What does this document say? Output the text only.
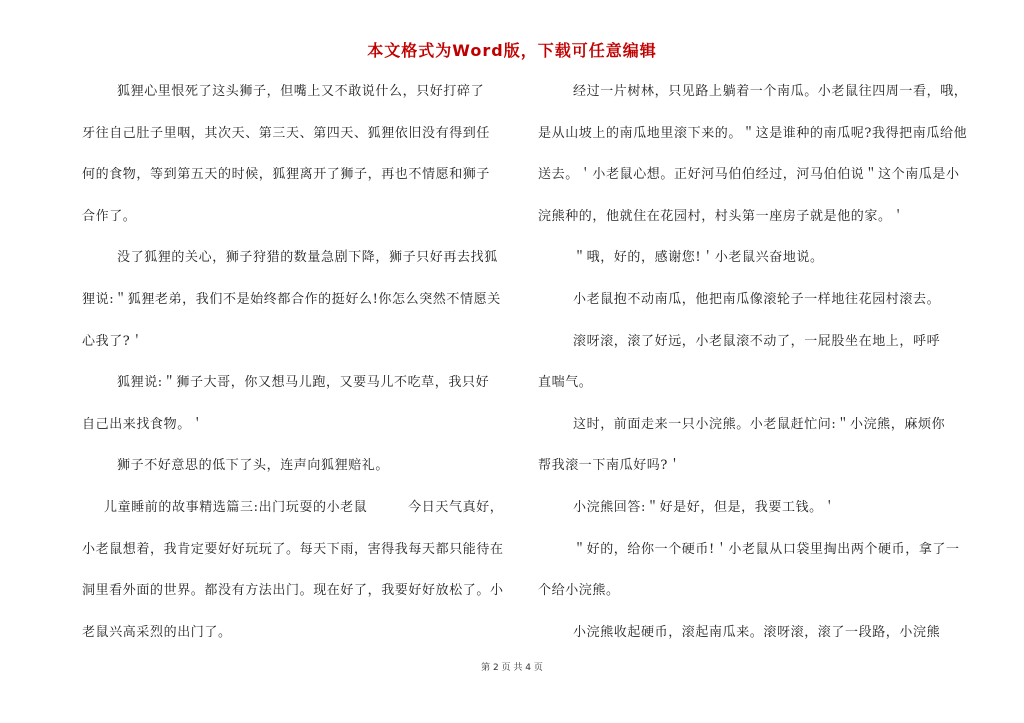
本文格式为Word版，下载可任意编辑
狐狸心里恨死了这头狮子，但嘴上又不敢说什么，只好打碎了
牙往自己肚子里咽，其次天、第三天、第四天、狐狸依旧没有得到任
何的食物，等到第五天的时候，狐狸离开了狮子，再也不情愿和狮子
合作了。
没了狐狸的关心，狮子狩猎的数量急剧下降，狮子只好再去找狐
狸说:＂狐狸老弟，我们不是始终都合作的挺好么!你怎么突然不情愿关
心我了?＇
狐狸说:＂狮子大哥，你又想马儿跑，又要马儿不吃草，我只好
自己出来找食物。＇
狮子不好意思的低下了头，连声向狐狸赔礼。
儿童睡前的故事精选篇三:出门玩耍的小老鼠　　　今日天气真好，
小老鼠想着，我肯定要好好玩玩了。每天下雨，害得我每天都只能待在
洞里看外面的世界。都没有方法出门。现在好了，我要好好放松了。小
老鼠兴高采烈的出门了。
经过一片树林，只见路上躺着一个南瓜。小老鼠往四周一看，哦，
是从山坡上的南瓜地里滚下来的。＂这是谁种的南瓜呢?我得把南瓜给他
送去。＇小老鼠心想。正好河马伯伯经过，河马伯伯说＂这个南瓜是小
浣熊种的，他就住在花园村，村头第一座房子就是他的家。＇
＂哦，好的，感谢您!＇小老鼠兴奋地说。
小老鼠抱不动南瓜，他把南瓜像滚轮子一样地往花园村滚去。
滚呀滚，滚了好远，小老鼠滚不动了，一屁股坐在地上，呼呼
直喘气。
这时，前面走来一只小浣熊。小老鼠赶忙问:＂小浣熊，麻烦你
帮我滚一下南瓜好吗?＇
小浣熊回答:＂好是好，但是，我要工钱。＇
＂好的，给你一个硬币!＇小老鼠从口袋里掏出两个硬币，拿了一
个给小浣熊。
小浣熊收起硬币，滚起南瓜来。滚呀滚，滚了一段路，小浣熊
第 2 页 共 4 页
